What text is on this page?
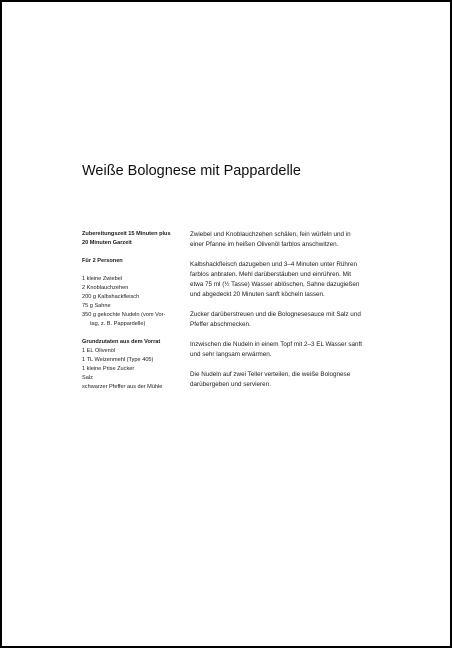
Weiße Bolognese mit Pappardelle
Zubereitungszeit 15 Minuten plus
20 Minuten Garzeit
Für 2 Personen
1 kleine Zwiebel
2 Knoblauchzehen
200 g Kalbshackfleisch
75 g Sahne
350 g gekochte Nudeln (vom Vor-
tag, z. B. Pappardelle)
Grundzutaten aus dem Vorrat
1 EL Olivenöl
1 TL Weizenmehl (Type 405)
1 kleine Prise Zucker
Salz
schwarzer Pfeffer aus der Mühle
Zwiebel und Knoblauchzehen schälen, fein würfeln und in
einer Pfanne im heißen Olivenöl farblos anschwitzen.
Kalbshackfleisch dazugeben und 3–4 Minuten unter Rühren
farblos anbraten. Mehl darüberstäuben und einrühren. Mit
etwa 75 ml (½ Tasse) Wasser ablöschen, Sahne dazugießen
und abgedeckt 20 Minuten sanft köcheln lassen.
Zucker darüberstreuen und die Bolognesesauce mit Salz und
Pfeffer abschmecken.
Inzwischen die Nudeln in einem Topf mit 2–3 EL Wasser sanft
und sehr langsam erwärmen.
Die Nudeln auf zwei Teller verteilen, die weiße Bolognese
darübergeben und servieren.
